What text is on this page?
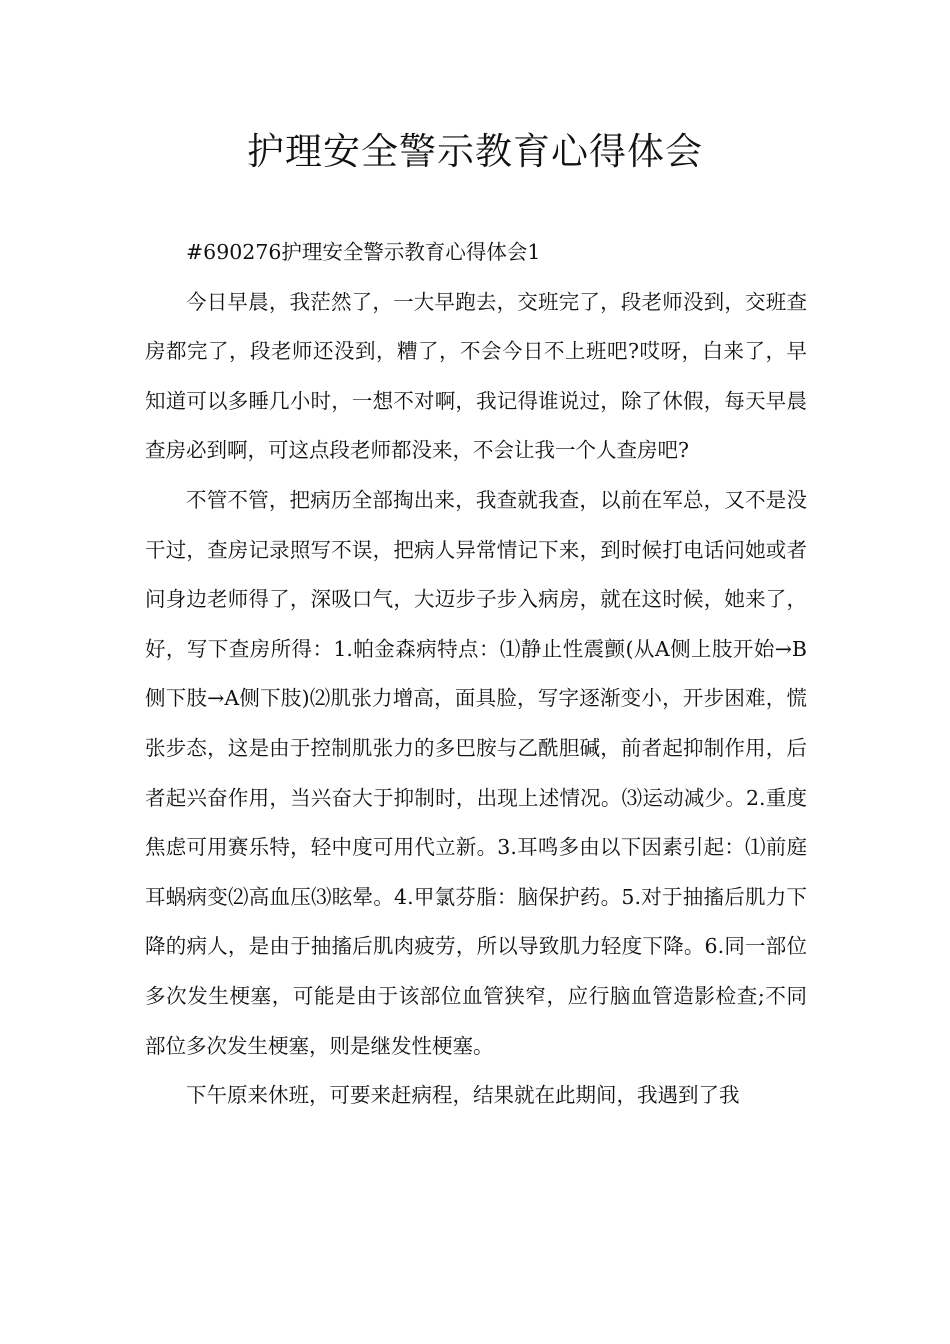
护理安全警示教育心得体会

#690276护理安全警示教育心得体会1

今日早晨，我茫然了，一大早跑去，交班完了，段老师没到，交班查房都完了，段老师还没到，糟了，不会今日不上班吧?哎呀，白来了，早知道可以多睡几小时，一想不对啊，我记得谁说过，除了休假，每天早晨查房必到啊，可这点段老师都没来，不会让我一个人查房吧?

不管不管，把病历全部掏出来，我查就我查，以前在军总，又不是没干过，查房记录照写不误，把病人异常情记下来，到时候打电话问她或者问身边老师得了，深吸口气，大迈步子步入病房，就在这时候，她来了，好，写下查房所得：1.帕金森病特点：⑴静止性震颤(从A侧上肢开始→B侧下肢→A侧下肢)⑵肌张力增高，面具脸，写字逐渐变小，开步困难，慌张步态，这是由于控制肌张力的多巴胺与乙酰胆碱，前者起抑制作用，后者起兴奋作用，当兴奋大于抑制时，出现上述情况。⑶运动减少。2.重度焦虑可用赛乐特，轻中度可用代立新。3.耳鸣多由以下因素引起：⑴前庭耳蜗病变⑵高血压⑶眩晕。4.甲氯芬脂：脑保护药。5.对于抽搐后肌力下降的病人，是由于抽搐后肌肉疲劳，所以导致肌力轻度下降。6.同一部位多次发生梗塞，可能是由于该部位血管狭窄，应行脑血管造影检查;不同部位多次发生梗塞，则是继发性梗塞。

下午原来休班，可要来赶病程，结果就在此期间，我遇到了我
